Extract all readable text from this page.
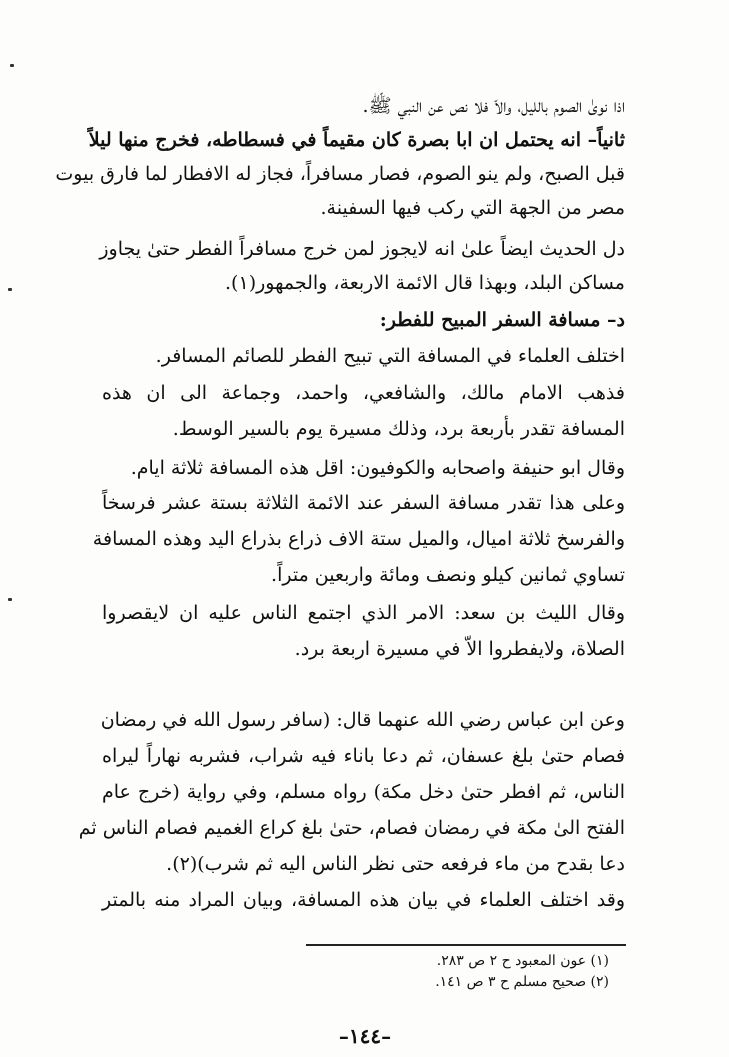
اذا نوىٰ الصوم بالليل، والاّ فلا نص عن النبي ﷺ.
ثانياً– انه يحتمل ان ابا بصرة كان مقيماً في فسطاطه، فخرج منها ليلاً
قبل الصبح، ولم ينو الصوم، فصار مسافراً، فجاز له الافطار لما فارق بيوت
مصر من الجهة التي ركب فيها السفينة.
دل الحديث ايضاً علىٰ انه لايجوز لمن خرج مسافراً الفطر حتىٰ يجاوز
مساكن البلد، وبهذا قال الائمة الاربعة، والجمهور(١).
د– مسافة السفر المبيح للفطر:
اختلف العلماء في المسافة التي تبيح الفطر للصائم المسافر.
فذهب الامام مالك، والشافعي، واحمد، وجماعة الى ان هذه
المسافة تقدر بأربعة برد، وذلك مسيرة يوم بالسير الوسط.
وقال ابو حنيفة واصحابه والكوفيون: اقل هذه المسافة ثلاثة ايام.
وعلى هذا تقدر مسافة السفر عند الائمة الثلاثة بستة عشر فرسخاً
والفرسخ ثلاثة اميال، والميل ستة الاف ذراع بذراع اليد وهذه المسافة
تساوي ثمانين كيلو ونصف ومائة واربعين متراً.
وقال الليث بن سعد: الامر الذي اجتمع الناس عليه ان لايقصروا
الصلاة، ولايفطروا الاّ في مسيرة اربعة برد.
وعن ابن عباس رضي الله عنهما قال: (سافر رسول الله في رمضان
فصام حتىٰ بلغ عسفان، ثم دعا باناء فيه شراب، فشربه نهاراً ليراه
الناس، ثم افطر حتىٰ دخل مكة) رواه مسلم، وفي رواية (خرج عام
الفتح الىٰ مكة في رمضان فصام، حتىٰ بلغ كراع الغميم فصام الناس ثم
دعا بقدح من ماء فرفعه حتى نظر الناس اليه ثم شرب)(٢).
وقد اختلف العلماء في بيان هذه المسافة، وبيان المراد منه بالمتر
(١) عون المعبود ح ٢ ص ٢٨٣.
(٢) صحيح مسلم ح ٣ ص ١٤١.
–١٤٤–
